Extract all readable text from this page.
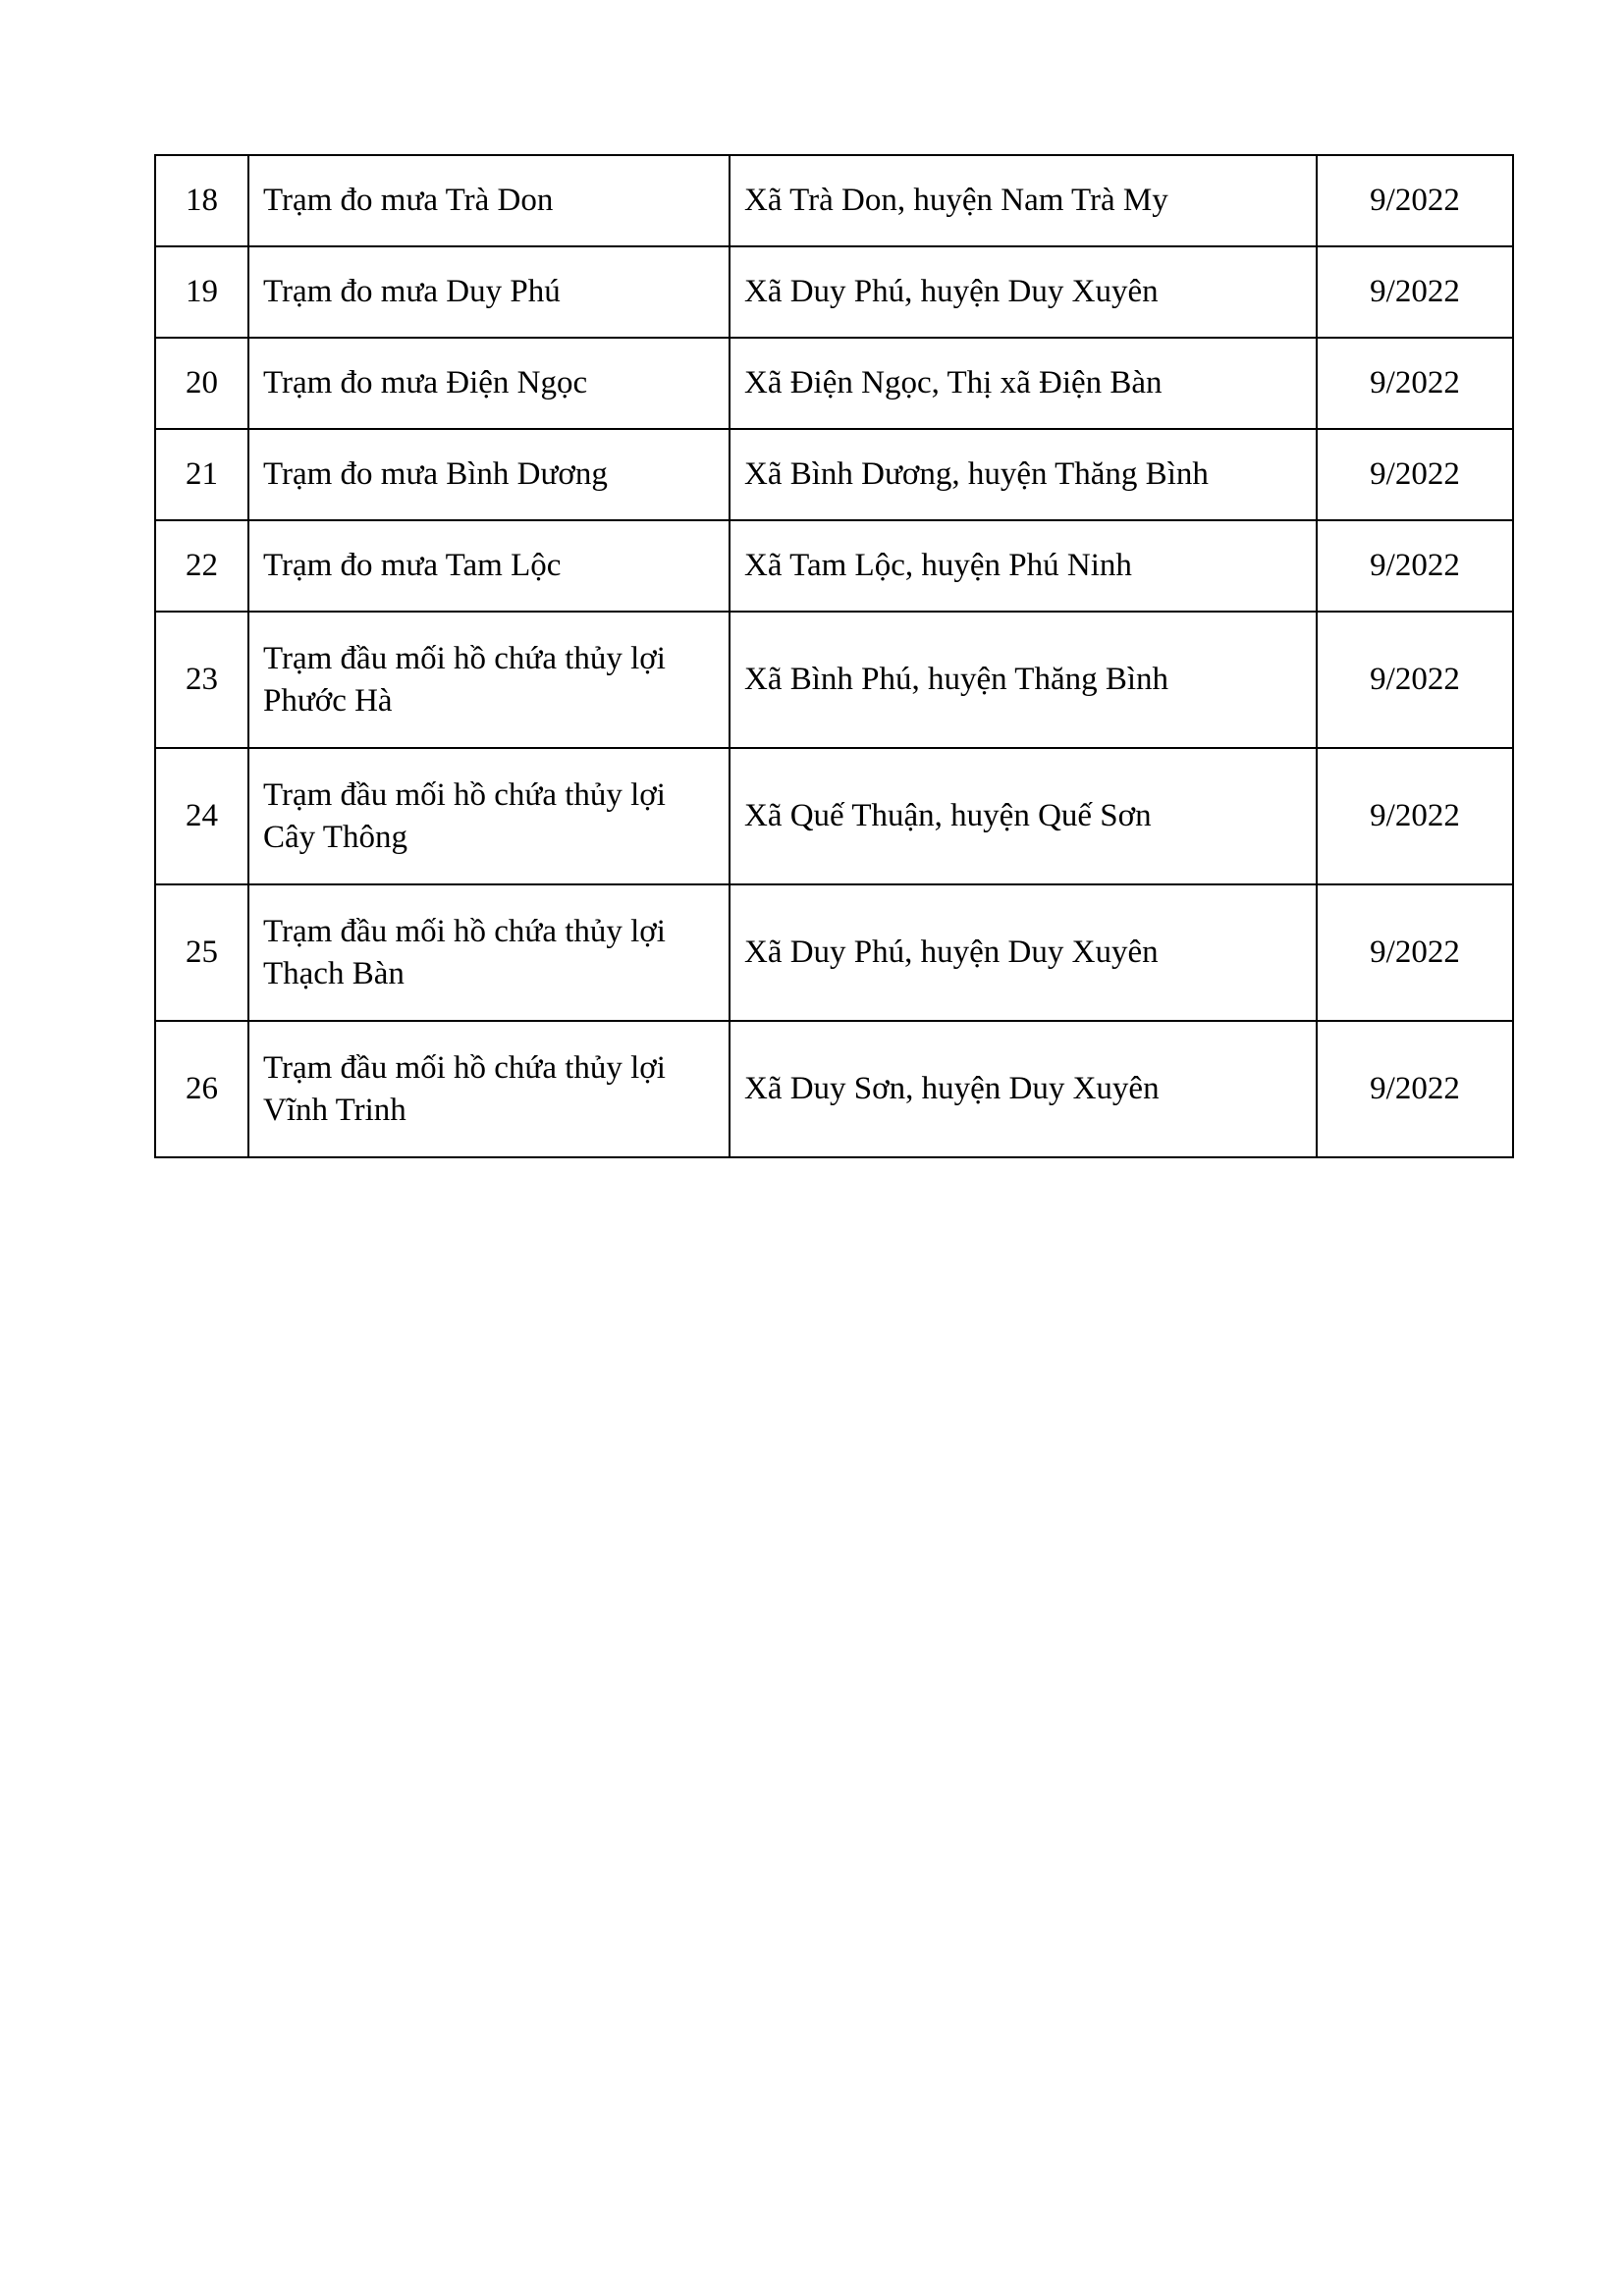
18	Trạm đo mưa Trà Don	Xã Trà Don, huyện Nam Trà My	9/2022
19	Trạm đo mưa Duy Phú	Xã Duy Phú, huyện Duy Xuyên	9/2022
20	Trạm đo mưa Điện Ngọc	Xã Điện Ngọc, Thị xã Điện Bàn	9/2022
21	Trạm đo mưa Bình Dương	Xã Bình Dương, huyện Thăng Bình	9/2022
22	Trạm đo mưa Tam Lộc	Xã Tam Lộc, huyện Phú Ninh	9/2022
23	Trạm đầu mối hồ chứa thủy lợi Phước Hà	Xã Bình Phú, huyện Thăng Bình	9/2022
24	Trạm đầu mối hồ chứa thủy lợi Cây Thông	Xã Quế Thuận, huyện Quế Sơn	9/2022
25	Trạm đầu mối hồ chứa thủy lợi Thạch Bàn	Xã Duy Phú, huyện Duy Xuyên	9/2022
26	Trạm đầu mối hồ chứa thủy lợi Vĩnh Trinh	Xã Duy Sơn, huyện Duy Xuyên	9/2022
